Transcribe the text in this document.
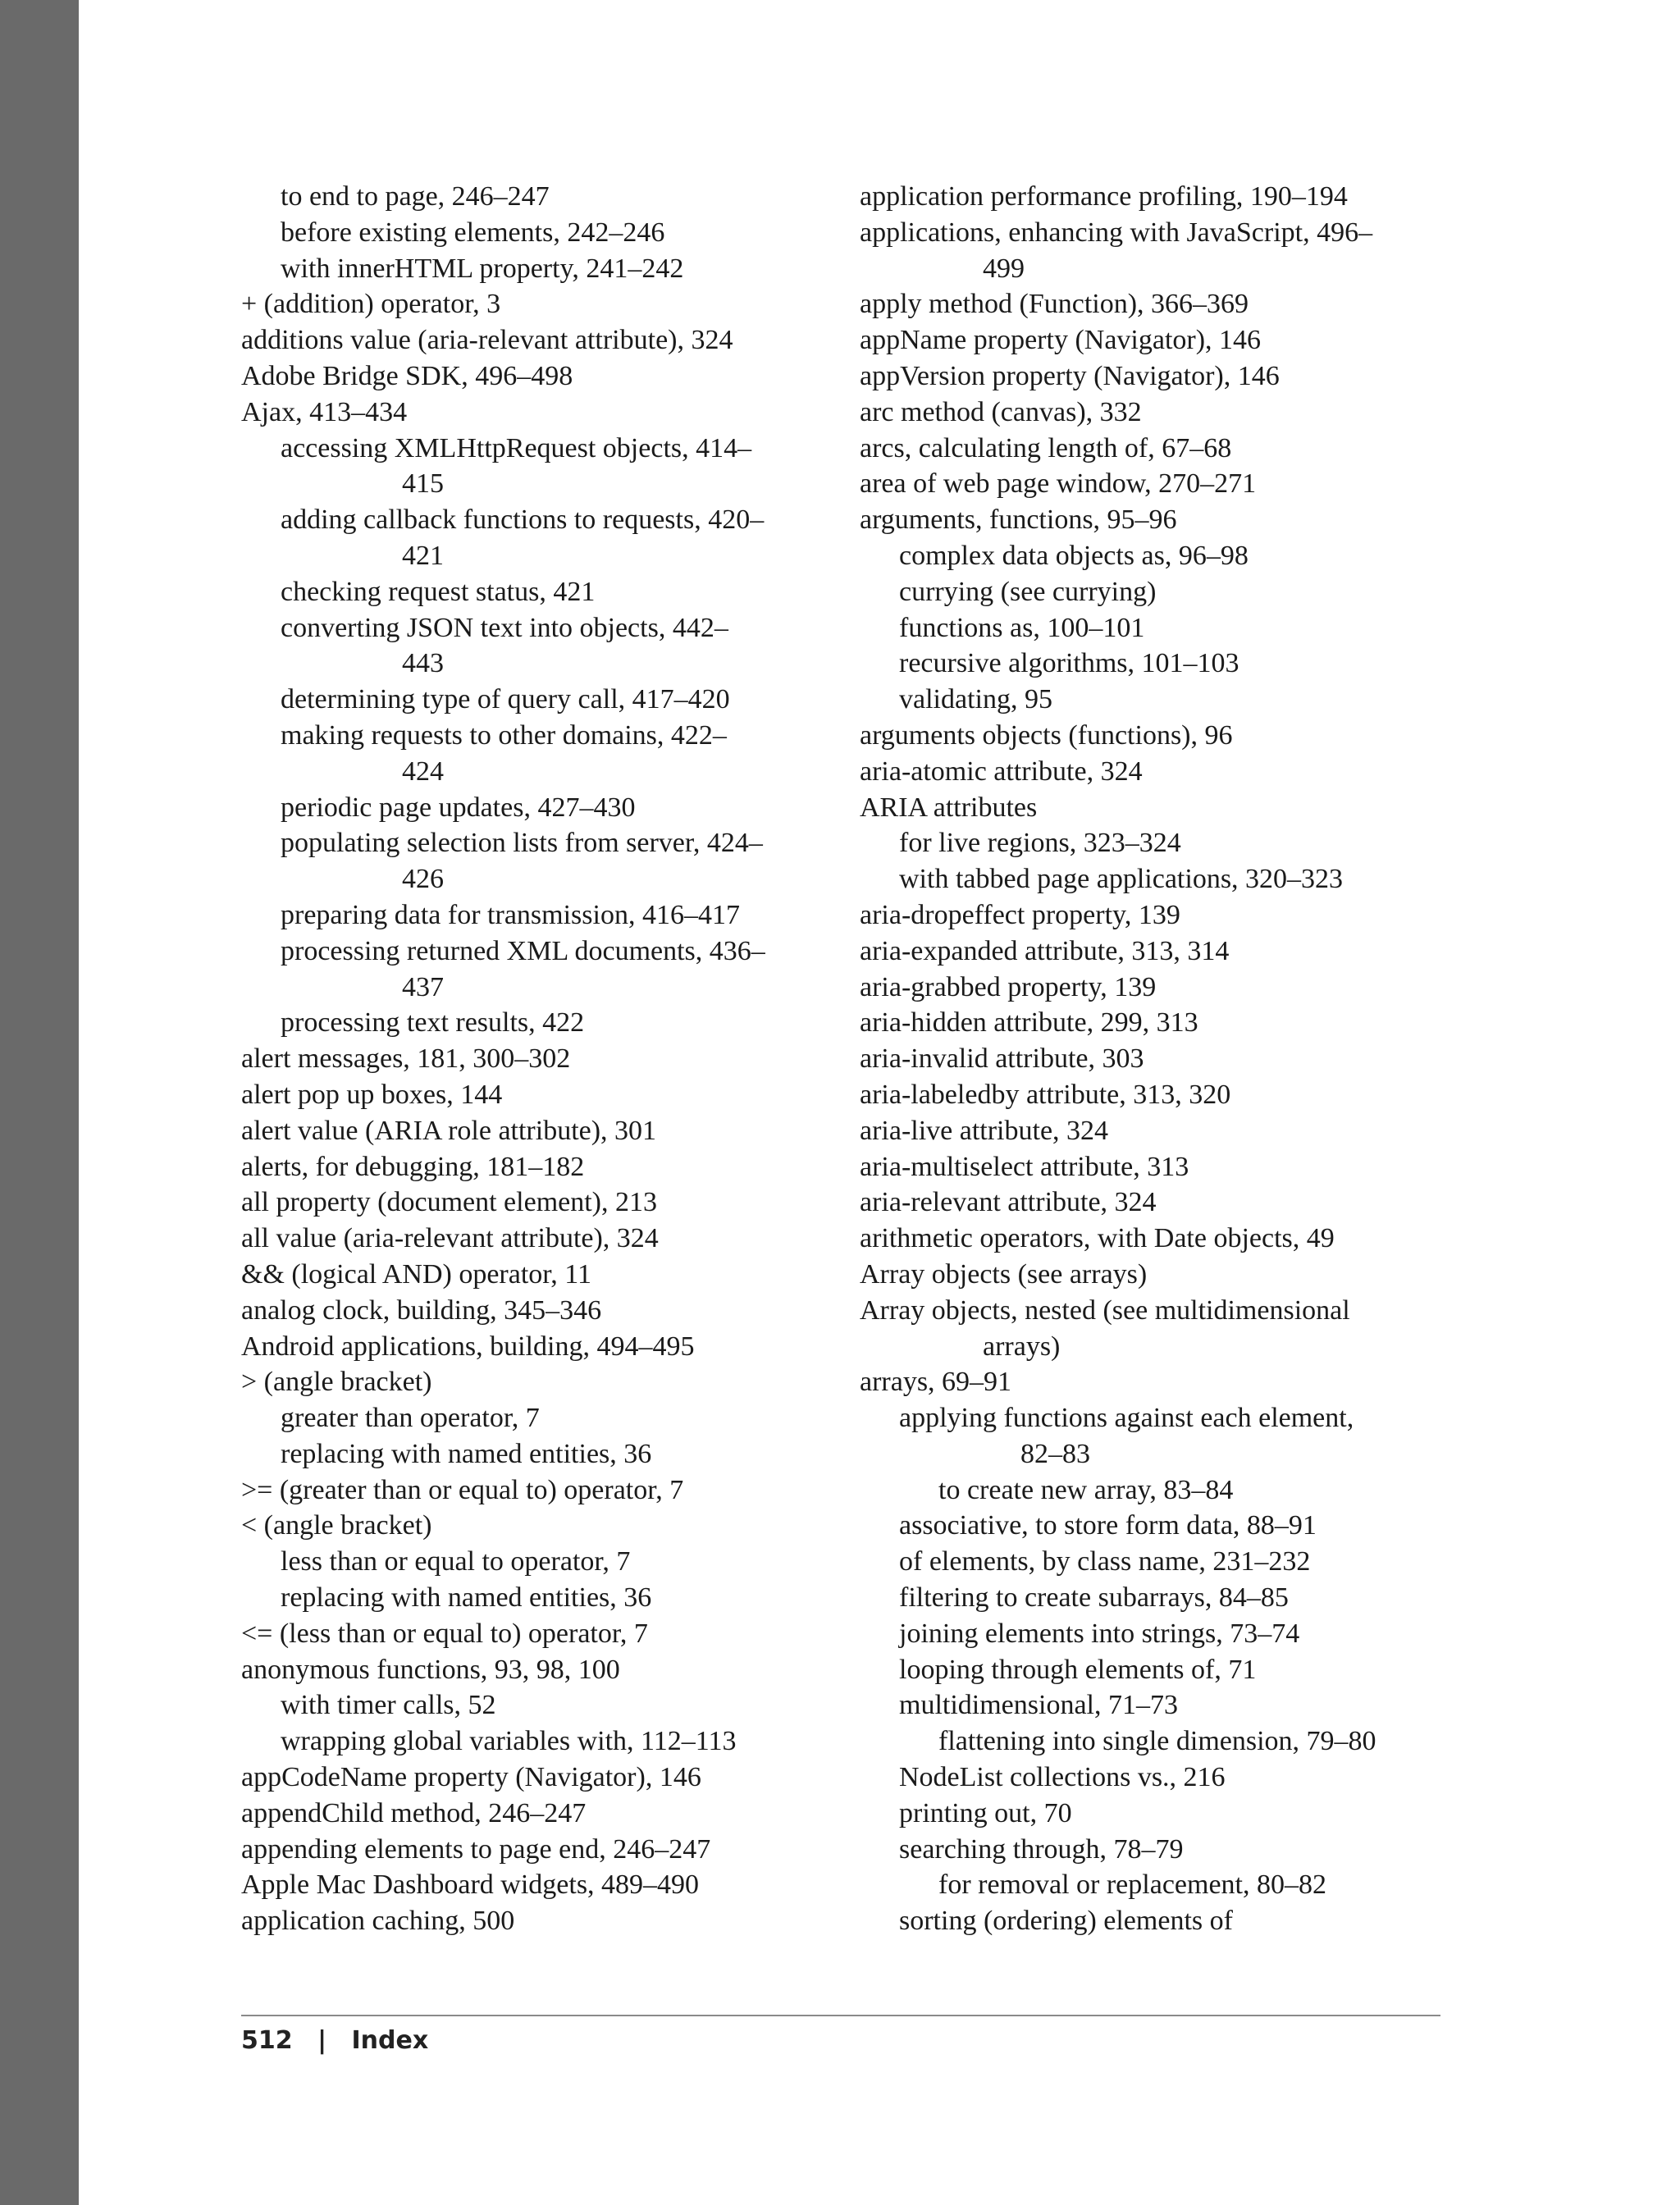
to end to page, 246–247
before existing elements, 242–246
with innerHTML property, 241–242
+ (addition) operator, 3
additions value (aria-relevant attribute), 324
Adobe Bridge SDK, 496–498
Ajax, 413–434
accessing XMLHttpRequest objects, 414–
415
adding callback functions to requests, 420–
421
checking request status, 421
converting JSON text into objects, 442–
443
determining type of query call, 417–420
making requests to other domains, 422–
424
periodic page updates, 427–430
populating selection lists from server, 424–
426
preparing data for transmission, 416–417
processing returned XML documents, 436–
437
processing text results, 422
alert messages, 181, 300–302
alert pop up boxes, 144
alert value (ARIA role attribute), 301
alerts, for debugging, 181–182
all property (document element), 213
all value (aria-relevant attribute), 324
&& (logical AND) operator, 11
analog clock, building, 345–346
Android applications, building, 494–495
> (angle bracket)
greater than operator, 7
replacing with named entities, 36
>= (greater than or equal to) operator, 7
< (angle bracket)
less than or equal to operator, 7
replacing with named entities, 36
<= (less than or equal to) operator, 7
anonymous functions, 93, 98, 100
with timer calls, 52
wrapping global variables with, 112–113
appCodeName property (Navigator), 146
appendChild method, 246–247
appending elements to page end, 246–247
Apple Mac Dashboard widgets, 489–490
application caching, 500
application performance profiling, 190–194
applications, enhancing with JavaScript, 496–
499
apply method (Function), 366–369
appName property (Navigator), 146
appVersion property (Navigator), 146
arc method (canvas), 332
arcs, calculating length of, 67–68
area of web page window, 270–271
arguments, functions, 95–96
complex data objects as, 96–98
currying (see currying)
functions as, 100–101
recursive algorithms, 101–103
validating, 95
arguments objects (functions), 96
aria-atomic attribute, 324
ARIA attributes
for live regions, 323–324
with tabbed page applications, 320–323
aria-dropeffect property, 139
aria-expanded attribute, 313, 314
aria-grabbed property, 139
aria-hidden attribute, 299, 313
aria-invalid attribute, 303
aria-labeledby attribute, 313, 320
aria-live attribute, 324
aria-multiselect attribute, 313
aria-relevant attribute, 324
arithmetic operators, with Date objects, 49
Array objects (see arrays)
Array objects, nested (see multidimensional
arrays)
arrays, 69–91
applying functions against each element,
82–83
to create new array, 83–84
associative, to store form data, 88–91
of elements, by class name, 231–232
filtering to create subarrays, 84–85
joining elements into strings, 73–74
looping through elements of, 71
multidimensional, 71–73
flattening into single dimension, 79–80
NodeList collections vs., 216
printing out, 70
searching through, 78–79
for removal or replacement, 80–82
sorting (ordering) elements of
512 | Index
